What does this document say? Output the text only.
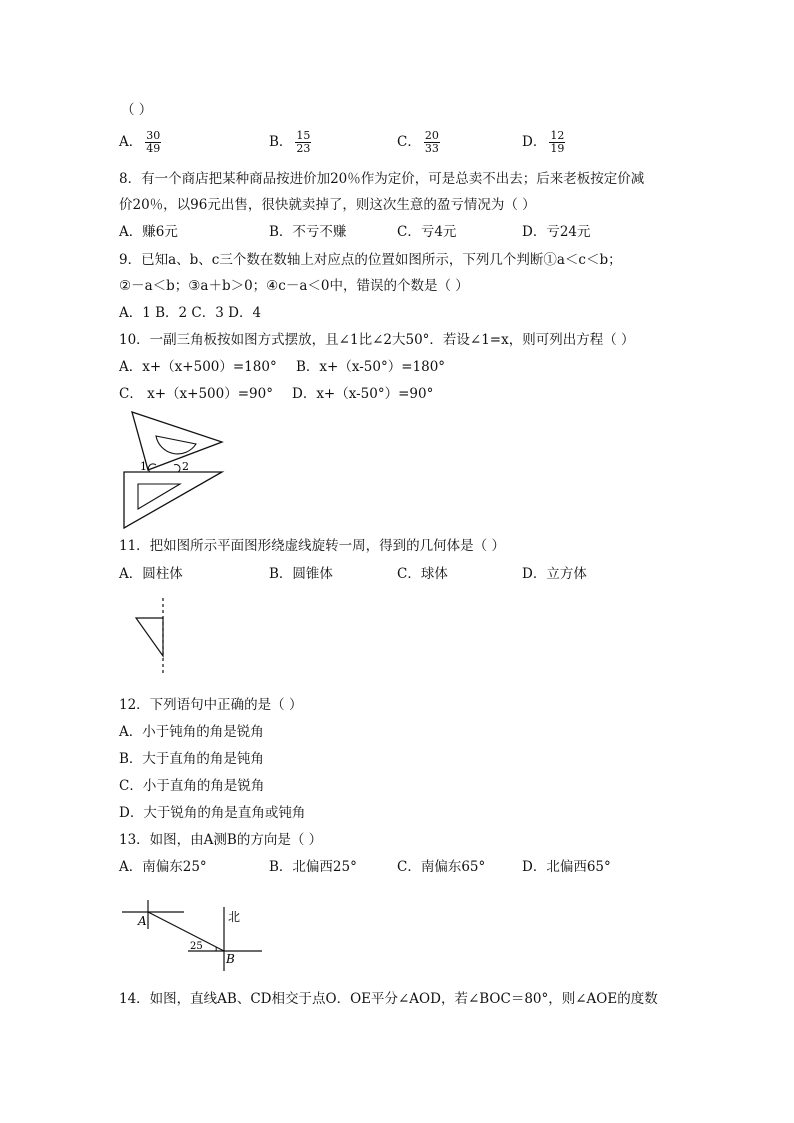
（ ）
A． $\frac{30}{49}$	B． $\frac{15}{23}$	C． $\frac{20}{33}$	D． $\frac{12}{19}$
8．有一个商店把某种商品按进价加20％作为定价，可是总卖不出去；后来老板按定价减
价20％，以96元出售，很快就卖掉了，则这次生意的盈亏情况为（ ）
A．赚6元	B．不亏不赚	C．亏4元	D．亏24元
9．已知a、b、c三个数在数轴上对应点的位置如图所示，下列几个判断①a＜c＜b；
②－a＜b；③a＋b＞0；④c－a＜0中，错误的个数是（ ）
A．1 B．2 C．3 D．4
10．一副三角板按如图方式摆放，且∠1比∠2大50°．若设∠1=x，则可列出方程（ ）
A．x+（x+500）=180° B．x+（x-50°）=180°
C． x+（x+500）=90° D．x+（x-50°）=90°
1	2
11．把如图所示平面图形绕虚线旋转一周，得到的几何体是（ ）
A．圆柱体	B．圆锥体	C．球体	D．立方体
12．下列语句中正确的是（ ）
A．小于钝角的角是锐角
B．大于直角的角是钝角
C．小于直角的角是锐角
D．大于锐角的角是直角或钝角
13．如图，由A测B的方向是（ ）
A．南偏东25°	B．北偏西25°	C．南偏东65°	D．北偏西65°
A
B
北
25
14．如图，直线AB、CD相交于点O．OE平分∠AOD，若∠BOC＝80°，则∠AOE的度数
